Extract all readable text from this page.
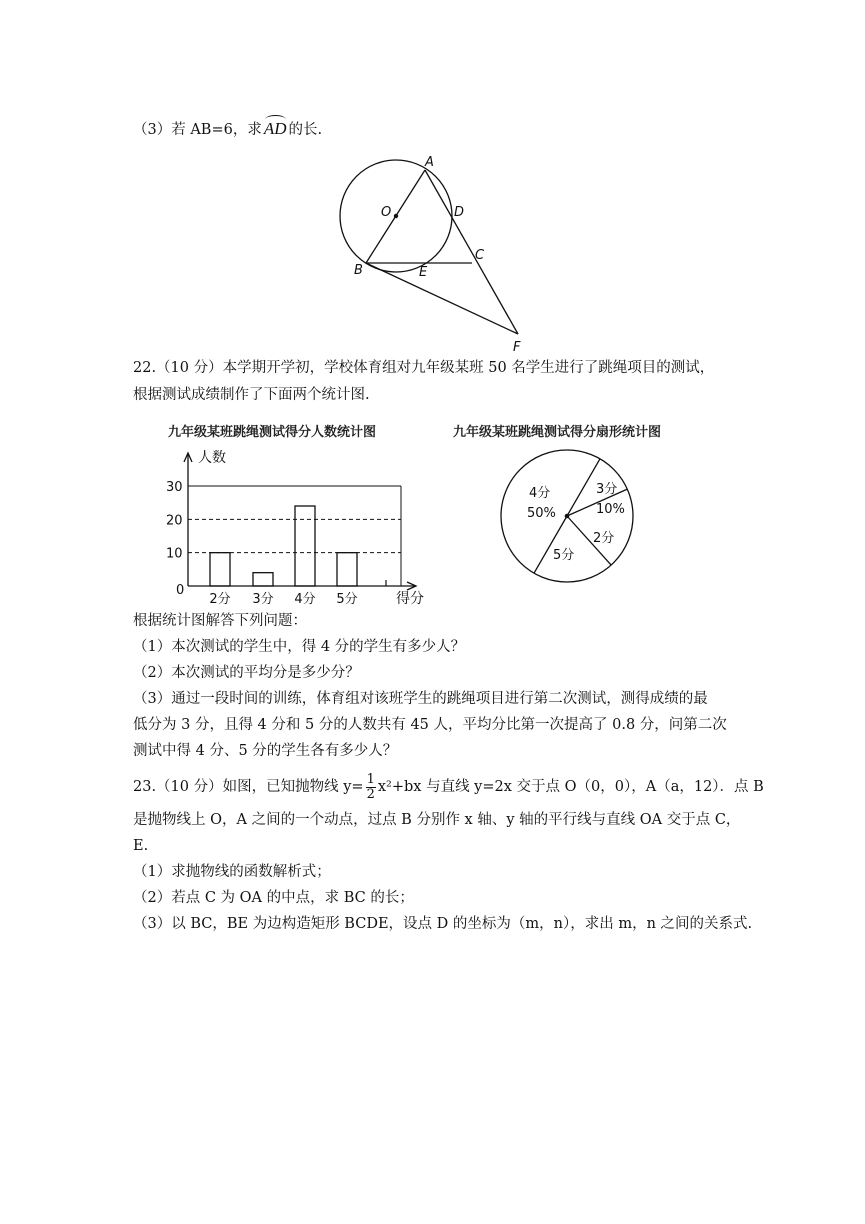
（3）若 AB=6，求 AD 的长.
A
O	D
B	E
C
F
22.（10 分）本学期开学初，学校体育组对九年级某班 50 名学生进行了跳绳项目的测试，
根据测试成绩制作了下面两个统计图.
九年级某班跳绳测试得分人数统计图
0
10
20
30
人数
得分
2分 3分 4分 5分
九年级某班跳绳测试得分扇形统计图
4分
50%
3分
10%
2分
5分
根据统计图解答下列问题：
（1）本次测试的学生中，得 4 分的学生有多少人？
（2）本次测试的平均分是多少分？
（3）通过一段时间的训练，体育组对该班学生的跳绳项目进行第二次测试，测得成绩的最
低分为 3 分，且得 4 分和 5 分的人数共有 45 人，平均分比第一次提高了 0.8 分，问第二次
测试中得 4 分、5 分的学生各有多少人？
23.（10 分）如图，已知抛物线 $y= \frac{1}{2} x^2+bx$ 与直线 y=2x 交于点 O（0，0），A（a，12）．点 B
是抛物线上 O，A 之间的一个动点，过点 B 分别作 x 轴、y 轴的平行线与直线 OA 交于点 C，
E.
（1）求抛物线的函数解析式；
（2）若点 C 为 OA 的中点，求 BC 的长；
（3）以 BC，BE 为边构造矩形 BCDE，设点 D 的坐标为（m，n），求出 m，n 之间的关系式.
